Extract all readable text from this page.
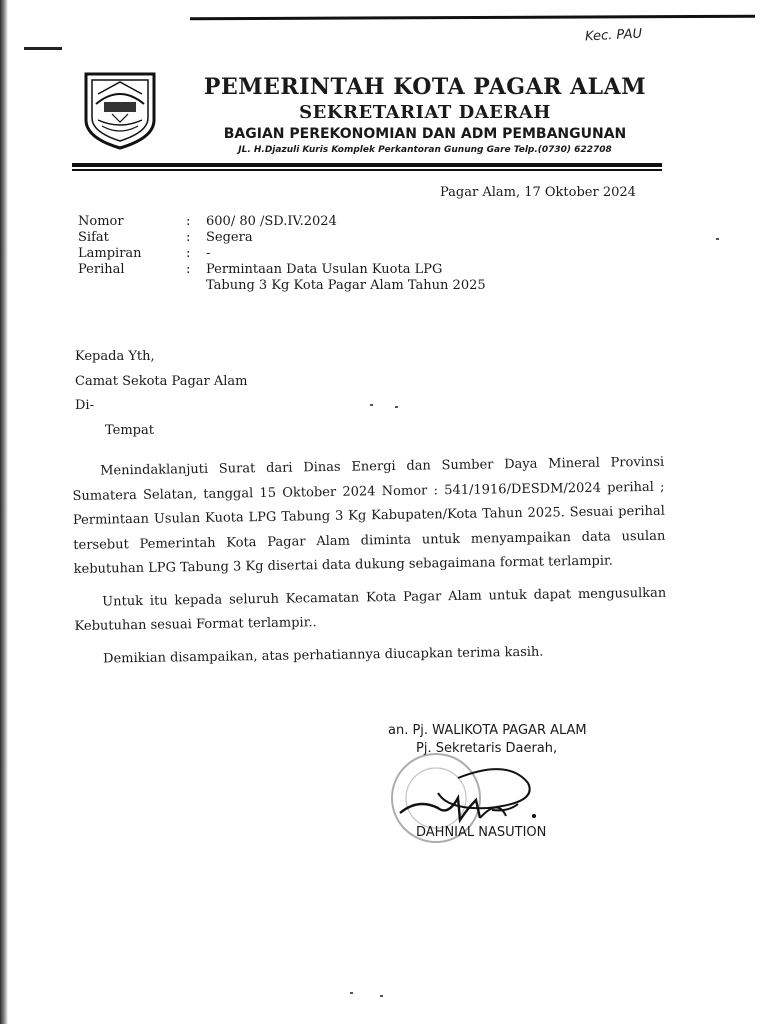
Kec. PAU
PEMERINTAH KOTA PAGAR ALAM
SEKRETARIAT DAERAH
BAGIAN PEREKONOMIAN DAN ADM PEMBANGUNAN
JL. H.Djazuli Kuris Komplek Perkantoran Gunung Gare Telp.(0730) 622708
Pagar Alam, 17 Oktober 2024
Nomor	:	600/ 80 /SD.IV.2024
Sifat	:	Segera
Lampiran	:	-
Perihal	:	Permintaan Data Usulan Kuota LPG
Tabung 3 Kg Kota Pagar Alam Tahun 2025
Kepada Yth,
Camat Sekota Pagar Alam
Di-
Tempat

Menindaklanjuti Surat dari Dinas Energi dan Sumber Daya Mineral Provinsi Sumatera Selatan, tanggal 15 Oktober 2024 Nomor : 541/1916/DESDM/2024 perihal ; Permintaan Usulan Kuota LPG Tabung 3 Kg Kabupaten/Kota Tahun 2025. Sesuai perihal tersebut Pemerintah Kota Pagar Alam diminta untuk menyampaikan data usulan kebutuhan LPG Tabung 3 Kg disertai data dukung sebagaimana format terlampir.

Untuk itu kepada seluruh Kecamatan Kota Pagar Alam untuk dapat mengusulkan Kebutuhan sesuai Format terlampir..

Demikian disampaikan, atas perhatiannya diucapkan terima kasih.

an. Pj. WALIKOTA PAGAR ALAM
Pj. Sekretaris Daerah,
DAHNIAL NASUTION
